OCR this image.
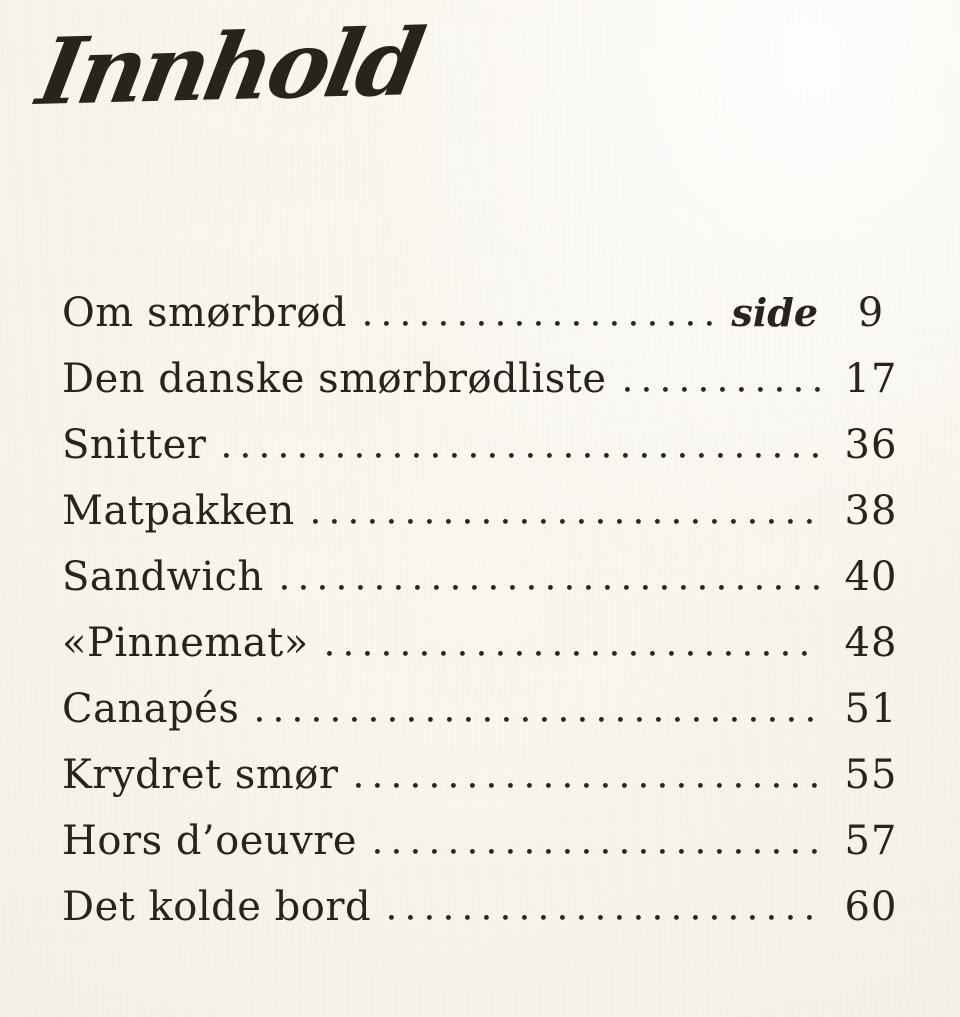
Innhold
Om smørbrød	side 9
Den danske smørbrødliste	17
Snitter	36
Matpakken	38
Sandwich	40
«Pinnemat»	48
Canapés	51
Krydret smør	55
Hors d’oeuvre	57
Det kolde bord	60
